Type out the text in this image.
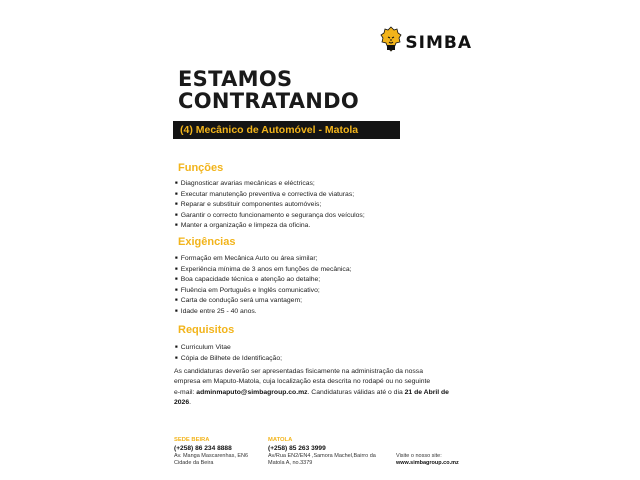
SIMBA
ESTAMOS
CONTRATANDO
(4) Mecânico de Automóvel - Matola
Funções
■ Diagnosticar avarias mecânicas e eléctricas;
■ Executar manutenção preventiva e correctiva de viaturas;
■ Reparar e substituir componentes automóveis;
■ Garantir o correcto funcionamento e segurança dos veículos;
■ Manter a organização e limpeza da oficina.
Exigências
■ Formação em Mecânica Auto ou área similar;
■ Experiência mínima de 3 anos em funções de mecânica;
■ Boa capacidade técnica e atenção ao detalhe;
■ Fluência em Português e Inglês comunicativo;
■ Carta de condução será uma vantagem;
■ Idade entre 25 - 40 anos.
Requisitos
■ Curriculum Vitae
■ Cópia de Bilhete de Identificação;
As candidaturas deverão ser apresentadas fisicamente na administração da nossa
empresa em Maputo-Matola, cuja localização esta descrita no rodapé ou no seguinte
e-mail: adminmaputo@simbagroup.co.mz. Candidaturas válidas até o dia 21 de Abril de 2026.
SEDE BEIRA
(+258) 86 234 8888
Av. Manga Mascarenhas, EN6
Cidade da Beira
MATOLA
(+258) 85 263 3999
Av/Rua EN2/EN4 ,Samora Machel,Bairro da
Matola A, no.3379
Visite o nosso site:
www.simbagroup.co.mz
